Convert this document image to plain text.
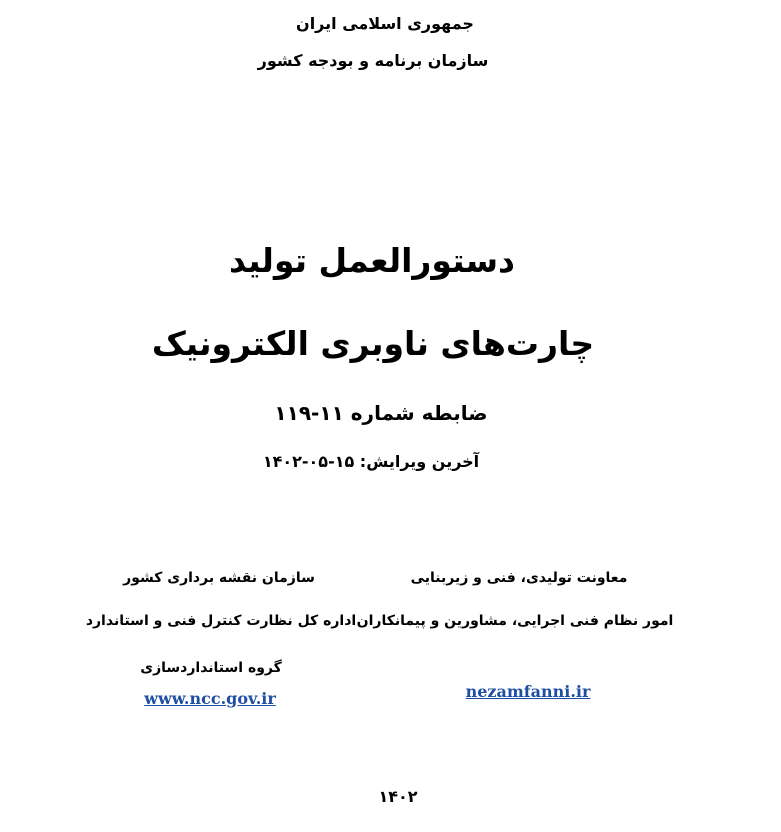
جمهوری اسلامی ایران
سازمان برنامه و بودجه کشور
دستورالعمل تولید
چارت‌های ناوبری الکترونیک
ضابطه شماره ۱۱-۱۱۹
آخرین ویرایش: ۱۵-۰۵-۱۴۰۲
معاونت تولیدی، فنی و زیربنایی
امور نظام فنی اجرایی، مشاورین و پیمانکاران
nezamfanni.ir
سازمان نقشه برداری کشور
اداره کل نظارت کنترل فنی و استاندارد
گروه استانداردسازی
www.ncc.gov.ir
۱۴۰۲
